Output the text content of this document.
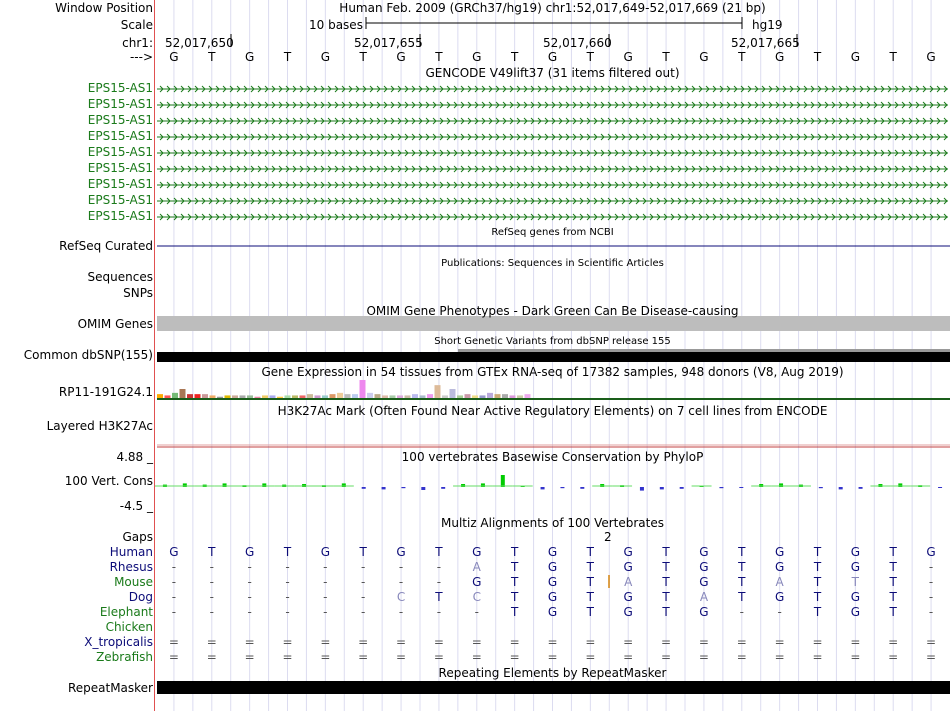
Window Position	Human Feb. 2009 (GRCh37/hg19) chr1:52,017,649-52,017,669 (21 bp)
Scale	10 bases	hg19
chr1: 52,017,650	52,017,655	52,017,660	52,017,665
--->	G	T	G	T	G	T	G	T	G	T	G	T	G	T	G	T	G	T	G	T	G
GENCODE V49lift37 (31 items filtered out)
EPS15-AS1
EPS15-AS1
EPS15-AS1
EPS15-AS1
EPS15-AS1
EPS15-AS1
EPS15-AS1
EPS15-AS1
EPS15-AS1
RefSeq genes from NCBI
RefSeq Curated
Publications: Sequences in Scientific Articles
Sequences
SNPs
OMIM Gene Phenotypes - Dark Green Can Be Disease-causing
OMIM Genes
Short Genetic Variants from dbSNP release 155
Common dbSNP(155)
Gene Expression in 54 tissues from GTEx RNA-seq of 17382 samples, 948 donors (V8, Aug 2019)
RP11-191G24.1
H3K27Ac Mark (Often Found Near Active Regulatory Elements) on 7 cell lines from ENCODE
Layered H3K27Ac
100 vertebrates Basewise Conservation by PhyloP
4.88 _
100 Vert. Cons
-4.5 _
Multiz Alignments of 100 Vertebrates
Gaps	2
Human	G	T	G	T	G	T	G	T	G	T	G	T	G	T	G	T	G	T	G	T	G
Rhesus	-	-	-	-	-	-	-	-	A	T	G	T	G	T	G	T	G	T	G	T	-
Mouse	-	-	-	-	-	-	-	-	G	T	G	T	A	T	G	T	A	T	T	T	-
Dog	-	-	-	-	-	-	C	T	C	T	G	T	G	T	A	T	G	T	G	T	-
Elephant	-	-	-	-	-	-	-	-	-	T	G	T	G	T	G	-	-	T	G	T	-
Chicken
X_tropicalis	=	=	=	=	=	=	=	=	=	=	=	=	=	=	=	=	=	=	=	=	=
Zebrafish	=	=	=	=	=	=	=	=	=	=	=	=	=	=	=	=	=	=	=	=	=
RepeatMasker
Repeating Elements by RepeatMasker
